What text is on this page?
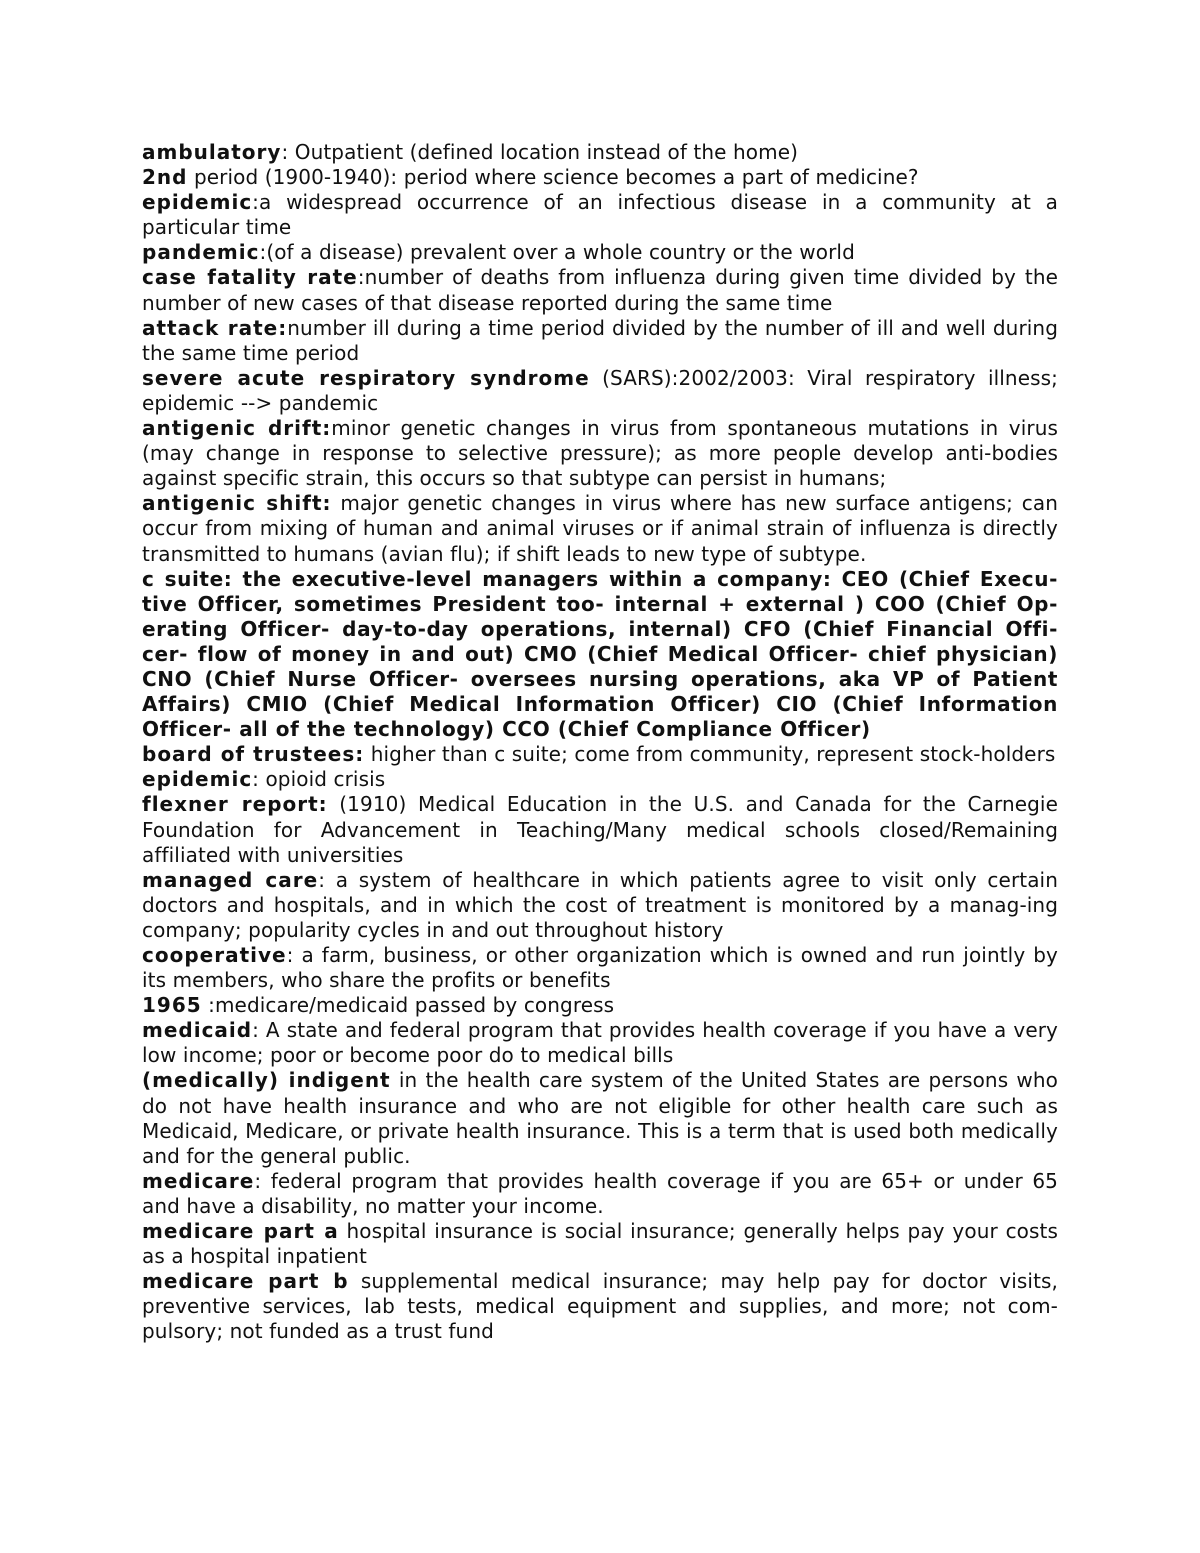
ambulatory: Outpatient (defined location instead of the home)

2nd period (1900-1940): period where science becomes a part of medicine?

epidemic:a widespread occurrence of an infectious disease in a community at a particular time

pandemic:(of a disease) prevalent over a whole country or the world

case fatality rate:number of deaths from influenza during given time divided by the number of new cases of that disease reported during the same time

attack rate:number ill during a time period divided by the number of ill and well during the same time period

severe acute respiratory syndrome (SARS):2002/2003: Viral respiratory illness; epidemic --> pandemic

antigenic drift:minor genetic changes in virus from spontaneous mutations in virus (may change in response to selective pressure); as more people develop anti-bodies against specific strain, this occurs so that subtype can persist in humans;

antigenic shift: major genetic changes in virus where has new surface antigens; can occur from mixing of human and animal viruses or if animal strain of influenza is directly transmitted to humans (avian flu); if shift leads to new type of subtype.

c suite: the executive-level managers within a company: CEO (Chief Execu-tive Officer, sometimes President too- internal + external ) COO (Chief Op-erating Officer- day-to-day operations, internal) CFO (Chief Financial Offi-cer- flow of money in and out) CMO (Chief Medical Officer- chief physician) CNO (Chief Nurse Officer- oversees nursing operations, aka VP of Patient Affairs) CMIO (Chief Medical Information Officer) CIO (Chief Information Officer- all of the technology) CCO (Chief Compliance Officer)

board of trustees: higher than c suite; come from community, represent stock-holders

epidemic: opioid crisis

flexner report: (1910) Medical Education in the U.S. and Canada for the Carnegie Foundation for Advancement in Teaching/Many medical schools closed/Remaining affiliated with universities

managed care: a system of healthcare in which patients agree to visit only certain doctors and hospitals, and in which the cost of treatment is monitored by a manag-ing company; popularity cycles in and out throughout history

cooperative: a farm, business, or other organization which is owned and run jointly by its members, who share the profits or benefits

1965 :medicare/medicaid passed by congress

medicaid: A state and federal program that provides health coverage if you have a very low income; poor or become poor do to medical bills

(medically) indigent in the health care system of the United States are persons who do not have health insurance and who are not eligible for other health care such as Medicaid, Medicare, or private health insurance. This is a term that is used both medically and for the general public.

medicare: federal program that provides health coverage if you are 65+ or under 65 and have a disability, no matter your income.

medicare part a hospital insurance is social insurance; generally helps pay your costs as a hospital inpatient

medicare part b supplemental medical insurance; may help pay for doctor visits, preventive services, lab tests, medical equipment and supplies, and more; not com-pulsory; not funded as a trust fund
